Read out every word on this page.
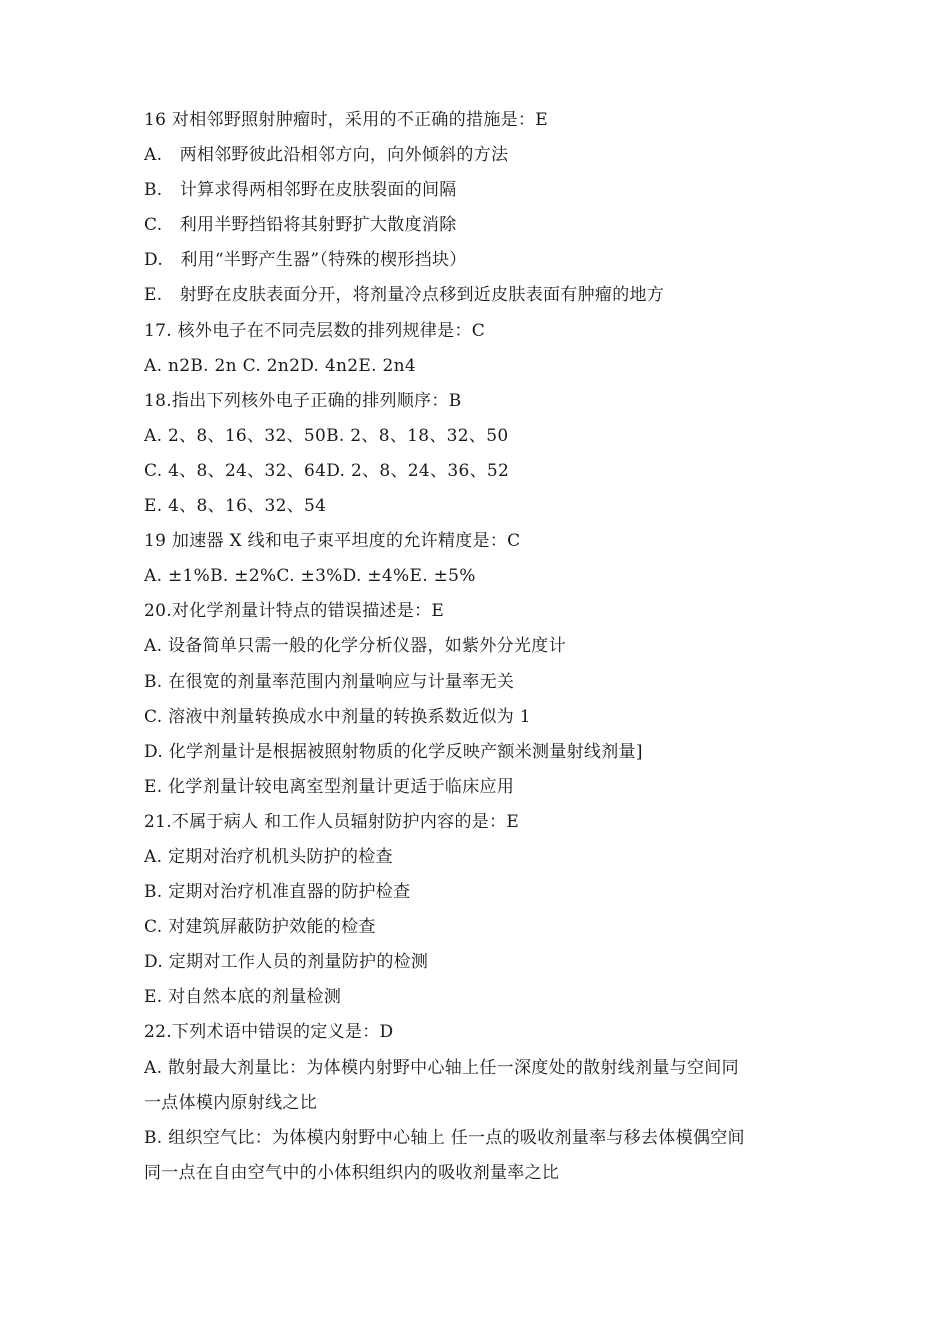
16 对相邻野照射肿瘤时，采用的不正确的措施是：E
A.　两相邻野彼此沿相邻方向，向外倾斜的方法
B.　计算求得两相邻野在皮肤裂面的间隔
C.　利用半野挡铅将其射野扩大散度消除
D.　利用“半野产生器”（特殊的楔形挡块）
E.　射野在皮肤表面分开，将剂量冷点移到近皮肤表面有肿瘤的地方
17. 核外电子在不同壳层数的排列规律是：C
A. n2B. 2n C. 2n2D. 4n2E. 2n4
18.指出下列核外电子正确的排列顺序：B
A. 2、8、16、32、50B. 2、8、18、32、50
C. 4、8、24、32、64D. 2、8、24、36、52
E. 4、8、16、32、54
19 加速器 X 线和电子束平坦度的允许精度是：C
A. ±1%B. ±2%C. ±3%D. ±4%E. ±5%
20.对化学剂量计特点的错误描述是：E
A. 设备简单只需一般的化学分析仪器，如紫外分光度计
B. 在很宽的剂量率范围内剂量响应与计量率无关
C. 溶液中剂量转换成水中剂量的转换系数近似为 1
D. 化学剂量计是根据被照射物质的化学反映产额米测量射线剂量]
E. 化学剂量计较电离室型剂量计更适于临床应用
21.不属于病人 和工作人员辐射防护内容的是：E
A. 定期对治疗机机头防护的检查
B. 定期对治疗机准直器的防护检查
C. 对建筑屏蔽防护效能的检查
D. 定期对工作人员的剂量防护的检测
E. 对自然本底的剂量检测
22.下列术语中错误的定义是：D
A. 散射最大剂量比：为体模内射野中心轴上任一深度处的散射线剂量与空间同
一点体模内原射线之比
B. 组织空气比：为体模内射野中心轴上 任一点的吸收剂量率与移去体模偶空间
同一点在自由空气中的小体积组织内的吸收剂量率之比
